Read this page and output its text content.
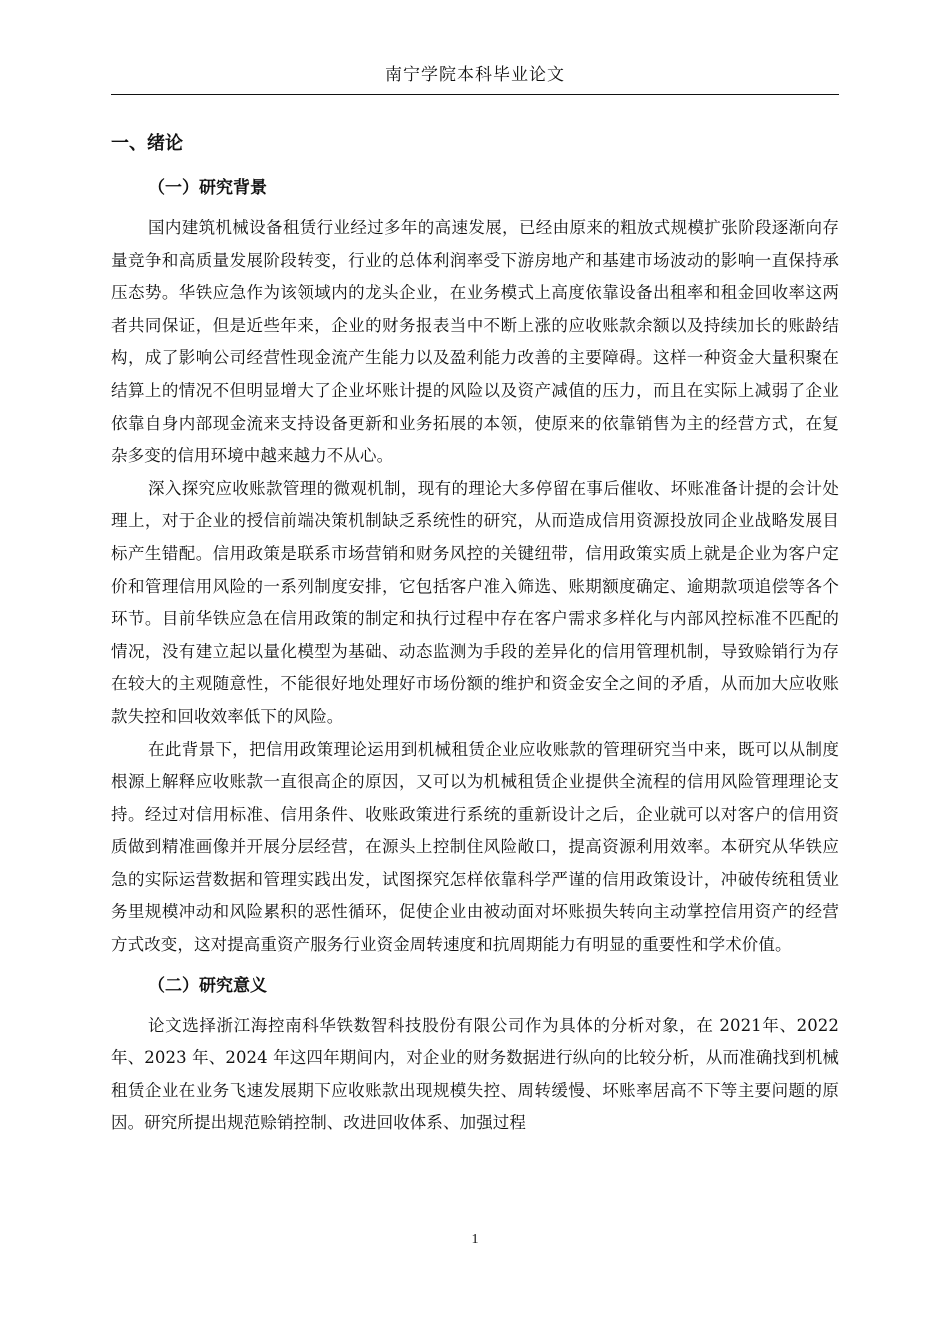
南宁学院本科毕业论文
一、绪论
（一）研究背景

国内建筑机械设备租赁行业经过多年的高速发展，已经由原来的粗放式规模扩张阶段逐渐向存量竞争和高质量发展阶段转变，行业的总体利润率受下游房地产和基建市场波动的影响一直保持承压态势。华铁应急作为该领域内的龙头企业，在业务模式上高度依靠设备出租率和租金回收率这两者共同保证，但是近些年来，企业的财务报表当中不断上涨的应收账款余额以及持续加长的账龄结构，成了影响公司经营性现金流产生能力以及盈利能力改善的主要障碍。这样一种资金大量积聚在结算上的情况不但明显增大了企业坏账计提的风险以及资产减值的压力，而且在实际上减弱了企业依靠自身内部现金流来支持设备更新和业务拓展的本领，使原来的依靠销售为主的经营方式，在复杂多变的信用环境中越来越力不从心。

深入探究应收账款管理的微观机制，现有的理论大多停留在事后催收、坏账准备计提的会计处理上，对于企业的授信前端决策机制缺乏系统性的研究，从而造成信用资源投放同企业战略发展目标产生错配。信用政策是联系市场营销和财务风控的关键纽带，信用政策实质上就是企业为客户定价和管理信用风险的一系列制度安排，它包括客户准入筛选、账期额度确定、逾期款项追偿等各个环节。目前华铁应急在信用政策的制定和执行过程中存在客户需求多样化与内部风控标准不匹配的情况，没有建立起以量化模型为基础、动态监测为手段的差异化的信用管理机制，导致赊销行为存在较大的主观随意性，不能很好地处理好市场份额的维护和资金安全之间的矛盾，从而加大应收账款失控和回收效率低下的风险。

在此背景下，把信用政策理论运用到机械租赁企业应收账款的管理研究当中来，既可以从制度根源上解释应收账款一直很高企的原因，又可以为机械租赁企业提供全流程的信用风险管理理论支持。经过对信用标准、信用条件、收账政策进行系统的重新设计之后，企业就可以对客户的信用资质做到精准画像并开展分层经营，在源头上控制住风险敞口，提高资源利用效率。本研究从华铁应急的实际运营数据和管理实践出发，试图探究怎样依靠科学严谨的信用政策设计，冲破传统租赁业务里规模冲动和风险累积的恶性循环，促使企业由被动面对坏账损失转向主动掌控信用资产的经营方式改变，这对提高重资产服务行业资金周转速度和抗周期能力有明显的重要性和学术价值。

（二）研究意义

论文选择浙江海控南科华铁数智科技股份有限公司作为具体的分析对象，在 2021年、2022 年、2023 年、2024 年这四年期间内，对企业的财务数据进行纵向的比较分析，从而准确找到机械租赁企业在业务飞速发展期下应收账款出现规模失控、周转缓慢、坏账率居高不下等主要问题的原因。研究所提出规范赊销控制、改进回收体系、加强过程

1
